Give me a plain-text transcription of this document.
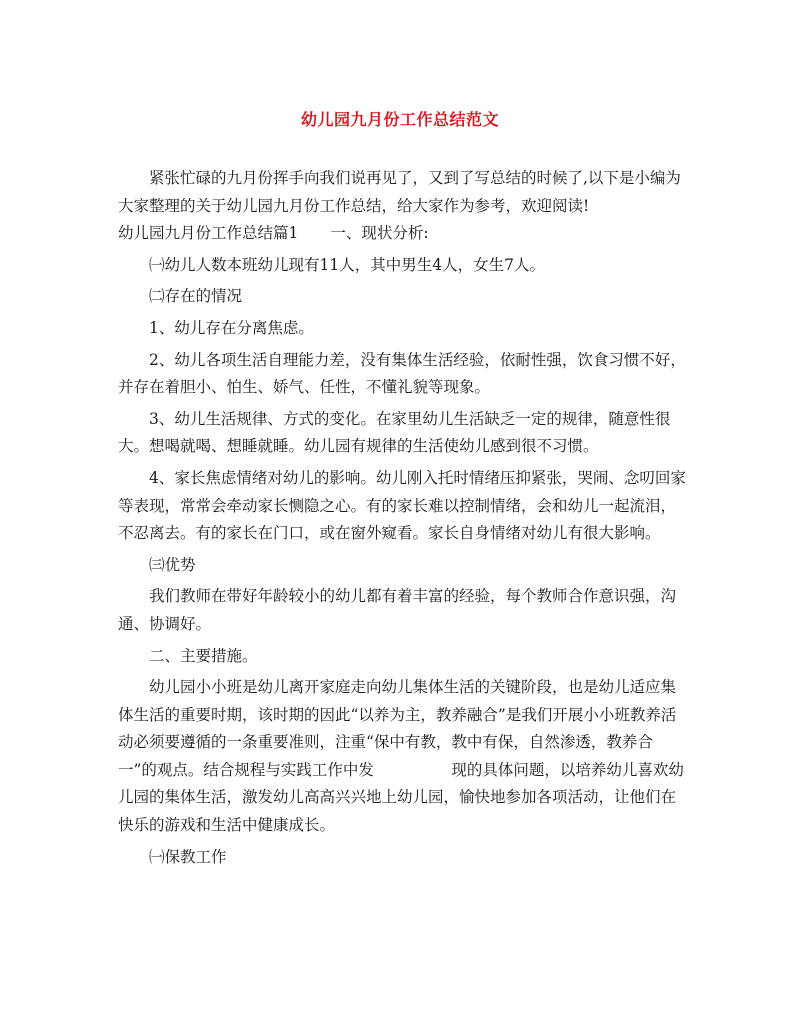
幼儿园九月份工作总结范文

紧张忙碌的九月份挥手向我们说再见了，又到了写总结的时候了,以下是小编为大家整理的关于幼儿园九月份工作总结，给大家作为参考，欢迎阅读!

幼儿园九月份工作总结篇1 一、现状分析:

㈠幼儿人数本班幼儿现有11人，其中男生4人，女生7人。

㈡存在的情况

1、幼儿存在分离焦虑。

2、幼儿各项生活自理能力差，没有集体生活经验，依耐性强，饮食习惯不好，并存在着胆小、怕生、娇气、任性，不懂礼貌等现象。

3、幼儿生活规律、方式的变化。在家里幼儿生活缺乏一定的规律，随意性很大。想喝就喝、想睡就睡。幼儿园有规律的生活使幼儿感到很不习惯。

4、家长焦虑情绪对幼儿的影响。幼儿刚入托时情绪压抑紧张，哭闹、念叨回家等表现，常常会牵动家长恻隐之心。有的家长难以控制情绪，会和幼儿一起流泪，不忍离去。有的家长在门口，或在窗外窥看。家长自身情绪对幼儿有很大影响。

㈢优势

我们教师在带好年龄较小的幼儿都有着丰富的经验，每个教师合作意识强，沟通、协调好。

二、主要措施。

幼儿园小小班是幼儿离开家庭走向幼儿集体生活的关键阶段，也是幼儿适应集体生活的重要时期，该时期的因此“以养为主，教养融合”是我们开展小小班教养活动必须要遵循的一条重要准则，注重“保中有教，教中有保，自然渗透，教养合一”的观点。结合规程与实践工作中发　　　　　现的具体问题，以培养幼儿喜欢幼儿园的集体生活，激发幼儿高高兴兴地上幼儿园，愉快地参加各项活动，让他们在快乐的游戏和生活中健康成长。

㈠保教工作
